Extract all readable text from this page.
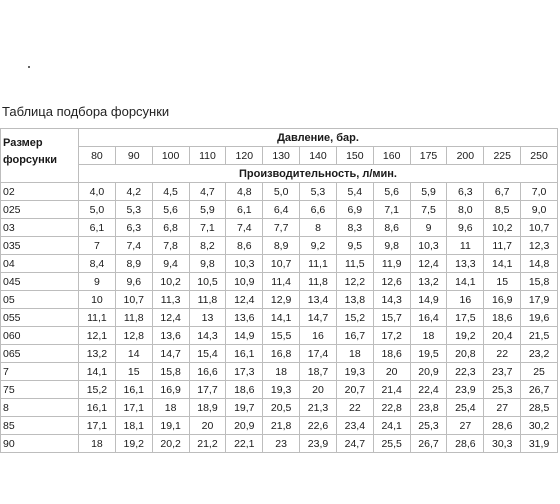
Таблица подбора форсунки
Размер
форсунки	Давление, бар.												
	80	90	100	110	120	130	140	150	160	175	200	225	250
	Производительность, л/мин.												
02	4,0	4,2	4,5	4,7	4,8	5,0	5,3	5,4	5,6	5,9	6,3	6,7	7,0
025	5,0	5,3	5,6	5,9	6,1	6,4	6,6	6,9	7,1	7,5	8,0	8,5	9,0
03	6,1	6,3	6,8	7,1	7,4	7,7	8	8,3	8,6	9	9,6	10,2	10,7
035	7	7,4	7,8	8,2	8,6	8,9	9,2	9,5	9,8	10,3	11	11,7	12,3
04	8,4	8,9	9,4	9,8	10,3	10,7	11,1	11,5	11,9	12,4	13,3	14,1	14,8
045	9	9,6	10,2	10,5	10,9	11,4	11,8	12,2	12,6	13,2	14,1	15	15,8
05	10	10,7	11,3	11,8	12,4	12,9	13,4	13,8	14,3	14,9	16	16,9	17,9
055	11,1	11,8	12,4	13	13,6	14,1	14,7	15,2	15,7	16,4	17,5	18,6	19,6
060	12,1	12,8	13,6	14,3	14,9	15,5	16	16,7	17,2	18	19,2	20,4	21,5
065	13,2	14	14,7	15,4	16,1	16,8	17,4	18	18,6	19,5	20,8	22	23,2
7	14,1	15	15,8	16,6	17,3	18	18,7	19,3	20	20,9	22,3	23,7	25
75	15,2	16,1	16,9	17,7	18,6	19,3	20	20,7	21,4	22,4	23,9	25,3	26,7
8	16,1	17,1	18	18,9	19,7	20,5	21,3	22	22,8	23,8	25,4	27	28,5
85	17,1	18,1	19,1	20	20,9	21,8	22,6	23,4	24,1	25,3	27	28,6	30,2
90	18	19,2	20,2	21,2	22,1	23	23,9	24,7	25,5	26,7	28,6	30,3	31,9
